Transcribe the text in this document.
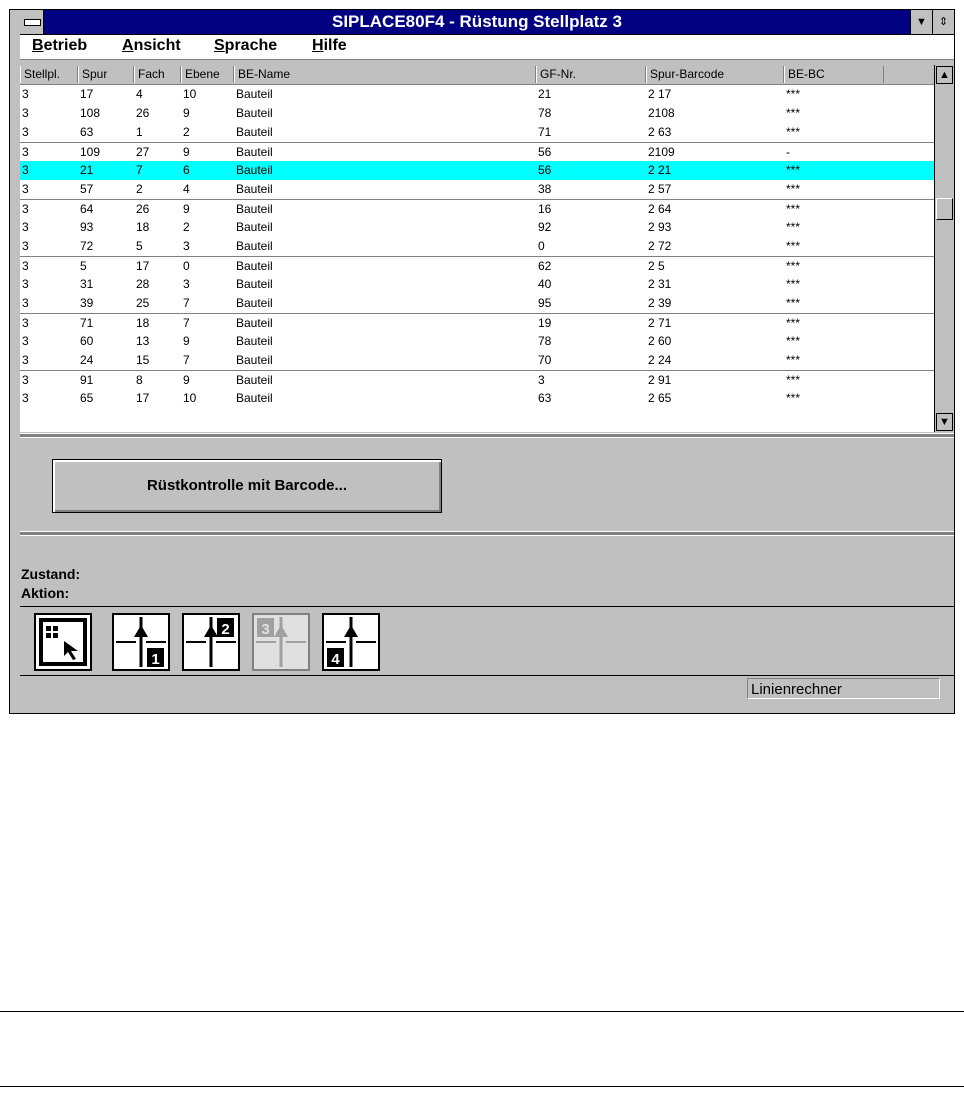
SIPLACE80F4 - Rüstung Stellplatz 3	▼	⇕
Betrieb Ansicht Sprache Hilfe
Stellpl.	Spur	Fach	Ebene	BE-Name	GF-Nr.	Spur-Barcode	BE-BC
3	17	4	10	Bauteil	21	2 17	***
3	108	26	9	Bauteil	78	2108	***
3	63	1	2	Bauteil	71	2 63	***
3	109	27	9	Bauteil	56	2109	-
3	21	7	6	Bauteil	56	2 21	***
3	57	2	4	Bauteil	38	2 57	***
3	64	26	9	Bauteil	16	2 64	***
3	93	18	2	Bauteil	92	2 93	***
3	72	5	3	Bauteil	0	2 72	***
3	5	17	0	Bauteil	62	2 5	***
3	31	28	3	Bauteil	40	2 31	***
3	39	25	7	Bauteil	95	2 39	***
3	71	18	7	Bauteil	19	2 71	***
3	60	13	9	Bauteil	78	2 60	***
3	24	15	7	Bauteil	70	2 24	***
3	91	8	9	Bauteil	3	2 91	***
3	65	17	10	Bauteil	63	2 65	***
▲
▼
Rüstkontrolle mit Barcode...
Zustand:
Aktion:
1
2 3
4
Linienrechner
